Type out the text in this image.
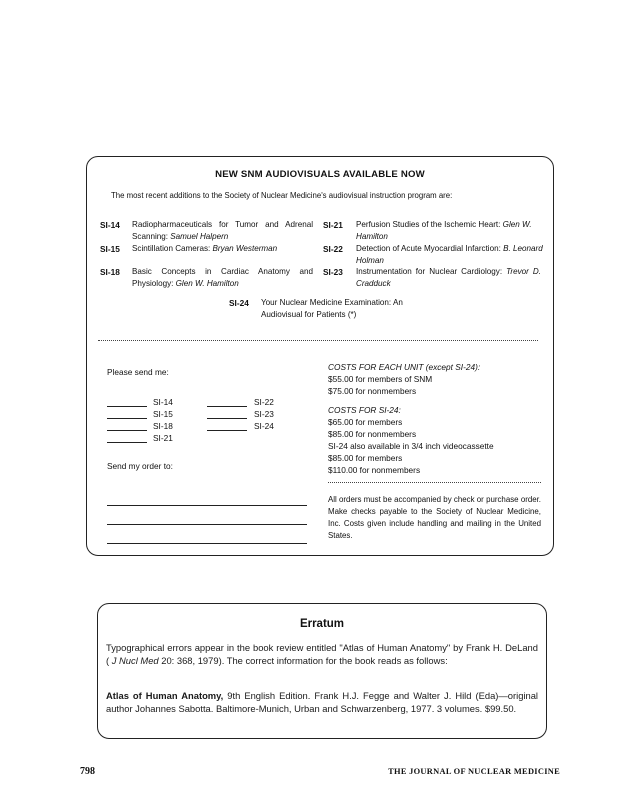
NEW SNM AUDIOVISUALS AVAILABLE NOW
The most recent additions to the Society of Nuclear Medicine's audiovisual instruction program are:
SI-14 Radiopharmaceuticals for Tumor and Adrenal Scanning: Samuel Halpern
SI-15 Scintillation Cameras: Bryan Westerman
SI-18 Basic Concepts in Cardiac Anatomy and Physiology: Glen W. Hamilton
SI-21 Perfusion Studies of the Ischemic Heart: Glen W. Hamilton
SI-22 Detection of Acute Myocardial Infarction: B. Leonard Holman
SI-23 Instrumentation for Nuclear Cardiology: Trevor D. Cradduck
SI-24 Your Nuclear Medicine Examination: An Audiovisual for Patients (*)
Please send me:
SI-14
SI-15
SI-18
SI-21
SI-22
SI-23
SI-24
Send my order to:
COSTS FOR EACH UNIT (except SI-24):
$55.00 for members of SNM
$75.00 for nonmembers
COSTS FOR SI-24:
$65.00 for members
$85.00 for nonmembers
SI-24 also available in 3/4 inch videocassette
$85.00 for members
$110.00 for nonmembers
All orders must be accompanied by check or purchase order. Make checks payable to the Society of Nuclear Medicine, Inc. Costs given include handling and mailing in the United States.
Erratum
Typographical errors appear in the book review entitled "Atlas of Human Anatomy" by Frank H. DeLand ( J Nucl Med 20: 368, 1979). The correct information for the book reads as follows:
Atlas of Human Anatomy, 9th English Edition. Frank H.J. Fegge and Walter J. Hild (Eda)—original author Johannes Sabotta. Baltimore-Munich, Urban and Schwarzenberg, 1977. 3 volumes. $99.50.
798	THE JOURNAL OF NUCLEAR MEDICINE
